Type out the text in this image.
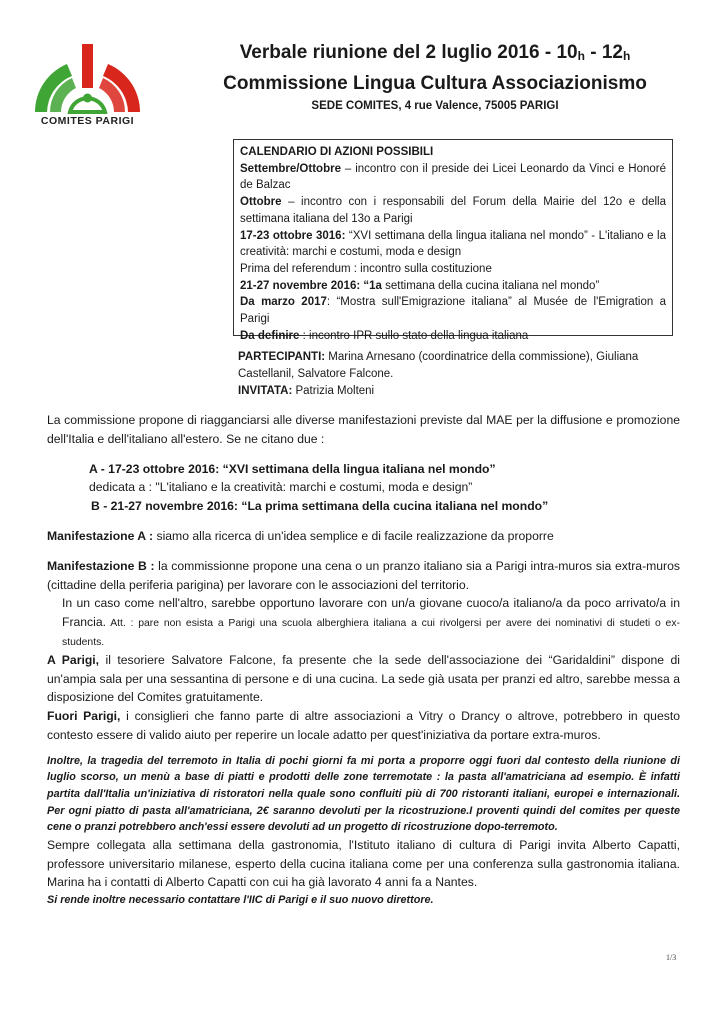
COMITES PARIGI
Verbale riunione del 2 luglio 2016 - 10h - 12h
Commissione Lingua Cultura Associazionismo
SEDE COMITES, 4 rue Valence, 75005 PARIGI

CALENDARIO DI AZIONI POSSIBILI

Settembre/Ottobre – incontro con il preside dei Licei Leonardo da Vinci e Honoré de Balzac

Ottobre – incontro con i responsabili del Forum della Mairie del 12o e della settimana italiana del 13o a Parigi

17-23 ottobre 3016: “XVI settimana della lingua italiana nel mondo” - L'italiano e la creatività: marchi e costumi, moda e design

Prima del referendum : incontro sulla costituzione

21-27 novembre 2016: “1a settimana della cucina italiana nel mondo”

Da marzo 2017: “Mostra sull'Emigrazione italiana” al Musée de l'Emigration a Parigi

Da definire : incontro IPR sullo stato della lingua italiana

PARTECIPANTI: Marina Arnesano (coordinatrice della commissione), Giuliana Castellanil, Salvatore Falcone.

INVITATA: Patrizia Molteni

La commissione propone di riagganciarsi alle diverse manifestazioni previste dal MAE per la diffusione e promozione dell'Italia e dell'italiano all'estero. Se ne citano due :

A - 17-23 ottobre 2016: “XVI settimana della lingua italiana nel mondo”

dedicata a : "L'italiano e la creatività: marchi e costumi, moda e design”

B - 21-27 novembre 2016: “La prima settimana della cucina italiana nel mondo”

Manifestazione A : siamo alla ricerca di un'idea semplice e di facile realizzazione da proporre

Manifestazione B : la commissionne propone una cena o un pranzo italiano sia a Parigi intra-muros sia extra-muros (cittadine della periferia parigina) per lavorare con le associazioni del territorio.

In un caso come nell'altro, sarebbe opportuno lavorare con un/a giovane cuoco/a italiano/a da poco arrivato/a in Francia. Att. : pare non esista a Parigi una scuola alberghiera italiana a cui rivolgersi per avere dei nominativi di studeti o ex-students.

A Parigi, il tesoriere Salvatore Falcone, fa presente che la sede dell'associazione dei “Garidaldini” dispone di un'ampia sala per una sessantina di persone e di una cucina. La sede già usata per pranzi ed altro, sarebbe messa a disposizione del Comites gratuitamente.

Fuori Parigi, i consiglieri che fanno parte di altre associazioni a Vitry o Drancy o altrove, potrebbero in questo contesto essere di valido aiuto per reperire un locale adatto per quest'iniziativa da portare extra-muros.

Inoltre, la tragedia del terremoto in Italia di pochi giorni fa mi porta a proporre oggi fuori dal contesto della riunione di luglio scorso, un menù a base di piatti e prodotti delle zone terremotate : la pasta all'amatriciana ad esempio. È infatti partita dall'Italia un'iniziativa di ristoratori nella quale sono confluiti più di 700 ristoranti italiani, europei e internazionali. Per ogni piatto di pasta all'amatriciana, 2€ saranno devoluti per la ricostruzione.I proventi quindi del comites per queste cene o pranzi potrebbero anch'essi essere devoluti ad un progetto di ricostruzione dopo-terremoto.

Sempre collegata alla settimana della gastronomia, l'Istituto italiano di cultura di Parigi invita Alberto Capatti, professore universitario milanese, esperto della cucina italiana come per una conferenza sulla gastronomia italiana. Marina ha i contatti di Alberto Capatti con cui ha già lavorato 4 anni fa a Nantes.

Si rende inoltre necessario contattare l'IIC di Parigi e il suo nuovo direttore.

1/3
